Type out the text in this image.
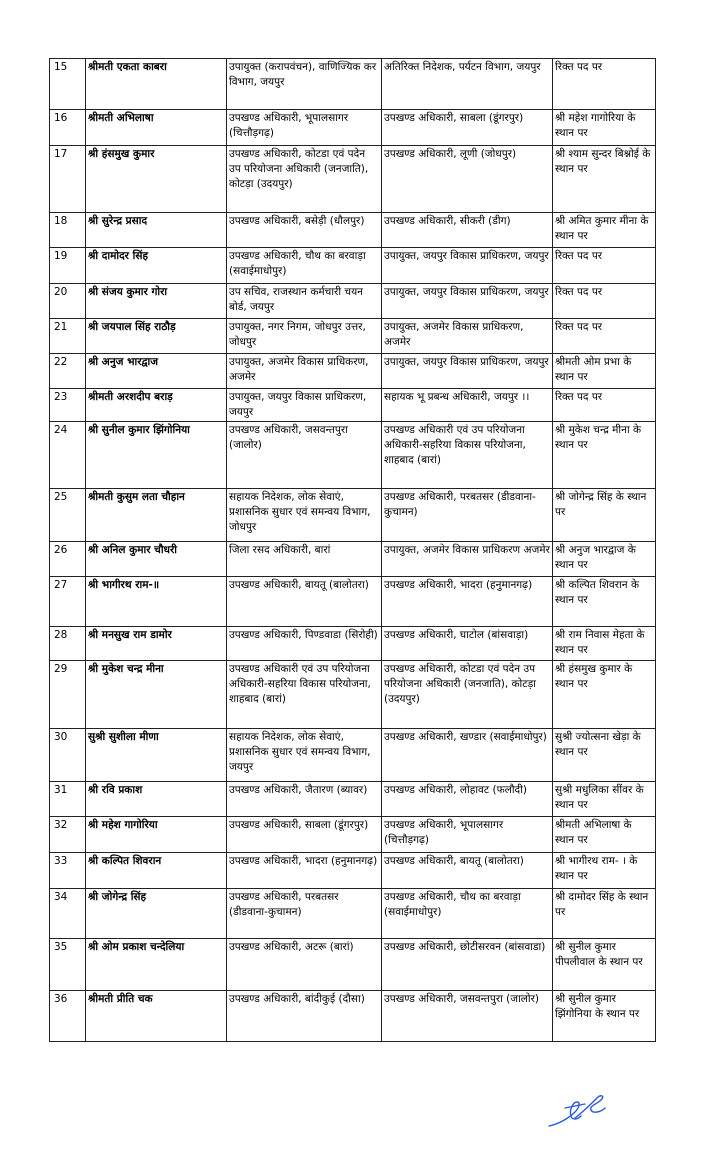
15	श्रीमती एकता काबरा	उपायुक्त (करापवंचन), वाणिज्यिक कर विभाग, जयपुर	अतिरिक्त निदेशक, पर्यटन विभाग, जयपुर	रिक्त पद पर
16	श्रीमती अभिलाषा	उपखण्ड अधिकारी, भूपालसागर (चित्तौड़गढ़)	उपखण्ड अधिकारी, साबला (डूंगरपुर)	श्री महेश गागोरिया के स्थान पर
17	श्री हंसमुख कुमार	उपखण्ड अधिकारी, कोटडा एवं पदेन उप परियोजना अधिकारी (जनजाति), कोटड़ा (उदयपुर)	उपखण्ड अधिकारी, लूणी (जोधपुर)	श्री श्याम सुन्दर बिश्नोई के स्थान पर
18	श्री सुरेन्द्र प्रसाद	उपखण्ड अधिकारी, बसेड़ी (धौलपुर)	उपखण्ड अधिकारी, सीकरी (डीग)	श्री अमित कुमार मीना के स्थान पर
19	श्री दामोदर सिंह	उपखण्ड अधिकारी, चौथ का बरवाड़ा (सवाईमाधोपुर)	उपायुक्त, जयपुर विकास प्राधिकरण, जयपुर	रिक्त पद पर
20	श्री संजय कुमार गोरा	उप सचिव, राजस्थान कर्मचारी चयन बोर्ड, जयपुर	उपायुक्त, जयपुर विकास प्राधिकरण, जयपुर	रिक्त पद पर
21	श्री जयपाल सिंह राठौड़	उपायुक्त, नगर निगम, जोधपुर उत्तर, जोधपुर	उपायुक्त, अजमेर विकास प्राधिकरण, अजमेर	रिक्त पद पर
22	श्री अनुज भारद्वाज	उपायुक्त, अजमेर विकास प्राधिकरण, अजमेर	उपायुक्त, जयपुर विकास प्राधिकरण, जयपुर	श्रीमती ओम प्रभा के स्थान पर
23	श्रीमती अरशदीप बराड़	उपायुक्त, जयपुर विकास प्राधिकरण, जयपुर	सहायक भू प्रबन्ध अधिकारी, जयपुर ।।	रिक्त पद पर
24	श्री सुनील कुमार झिंगोनिया	उपखण्ड अधिकारी, जसवन्तपुरा (जालोर)	उपखण्ड अधिकारी एवं उप परियोजना अधिकारी-सहरिया विकास परियोजना, शाहबाद (बारां)	श्री मुकेश चन्द्र मीना के स्थान पर
25	श्रीमती कुसुम लता चौहान	सहायक निदेशक, लोक सेवाएं, प्रशासनिक सुधार एवं समन्वय विभाग, जोधपुर	उपखण्ड अधिकारी, परबतसर (डीडवाना-कुचामन)	श्री जोगेन्द्र सिंह के स्थान पर
26	श्री अनिल कुमार चौधरी	जिला रसद अधिकारी, बारां	उपायुक्त, अजमेर विकास प्राधिकरण अजमेर	श्री अनुज भारद्वाज के स्थान पर
27	श्री भागीरथ राम-॥	उपखण्ड अधिकारी, बायतू (बालोतरा)	उपखण्ड अधिकारी, भादरा (हनुमानगढ़)	श्री कल्पित शिवरान के स्थान पर
28	श्री मनसुख राम डामोर	उपखण्ड अधिकारी, पिण्डवाडा (सिरोही)	उपखण्ड अधिकारी, घाटोल (बांसवाड़ा)	श्री राम निवास मेहता के स्थान पर
29	श्री मुकेश चन्द्र मीना	उपखण्ड अधिकारी एवं उप परियोजना अधिकारी-सहरिया विकास परियोजना, शाहबाद (बारां)	उपखण्ड अधिकारी, कोटडा एवं पदेन उप परियोजना अधिकारी (जनजाति), कोटड़ा (उदयपुर)	श्री हंसमुख कुमार के स्थान पर
30	सुश्री सुशीला मीणा	सहायक निदेशक, लोक सेवाएं, प्रशासनिक सुधार एवं समन्वय विभाग, जयपुर	उपखण्ड अधिकारी, खण्डार (सवाईमाधोपुर)	सुश्री ज्योत्सना खेड़ा के स्थान पर
31	श्री रवि प्रकाश	उपखण्ड अधिकारी, जैतारण (ब्यावर)	उपखण्ड अधिकारी, लोहावट (फलौदी)	सुश्री मधुलिका सींवर के स्थान पर
32	श्री महेश गागोरिया	उपखण्ड अधिकारी, साबला (डूंगरपुर)	उपखण्ड अधिकारी, भूपालसागर (चित्तौड़गढ़)	श्रीमती अभिलाषा के स्थान पर
33	श्री कल्पित शिवरान	उपखण्ड अधिकारी, भादरा (हनुमानगढ़)	उपखण्ड अधिकारी, बायतू (बालोतरा)	श्री भागीरथ राम- । के स्थान पर
34	श्री जोगेन्द्र सिंह	उपखण्ड अधिकारी, परबतसर (डीडवाना-कुचामन)	उपखण्ड अधिकारी, चौथ का बरवाड़ा (सवाईमाधोपुर)	श्री दामोदर सिंह के स्थान पर
35	श्री ओम प्रकाश चन्देलिया	उपखण्ड अधिकारी, अटरू (बारां)	उपखण्ड अधिकारी, छोटीसरवन (बांसवाडा)	श्री सुनील कुमार पीपलीवाल के स्थान पर
36	श्रीमती प्रीति चक	उपखण्ड अधिकारी, बांदीकुई (दौसा)	उपखण्ड अधिकारी, जसवन्तपुरा (जालोर)	श्री सुनील कुमार झिंगोनिया के स्थान पर
